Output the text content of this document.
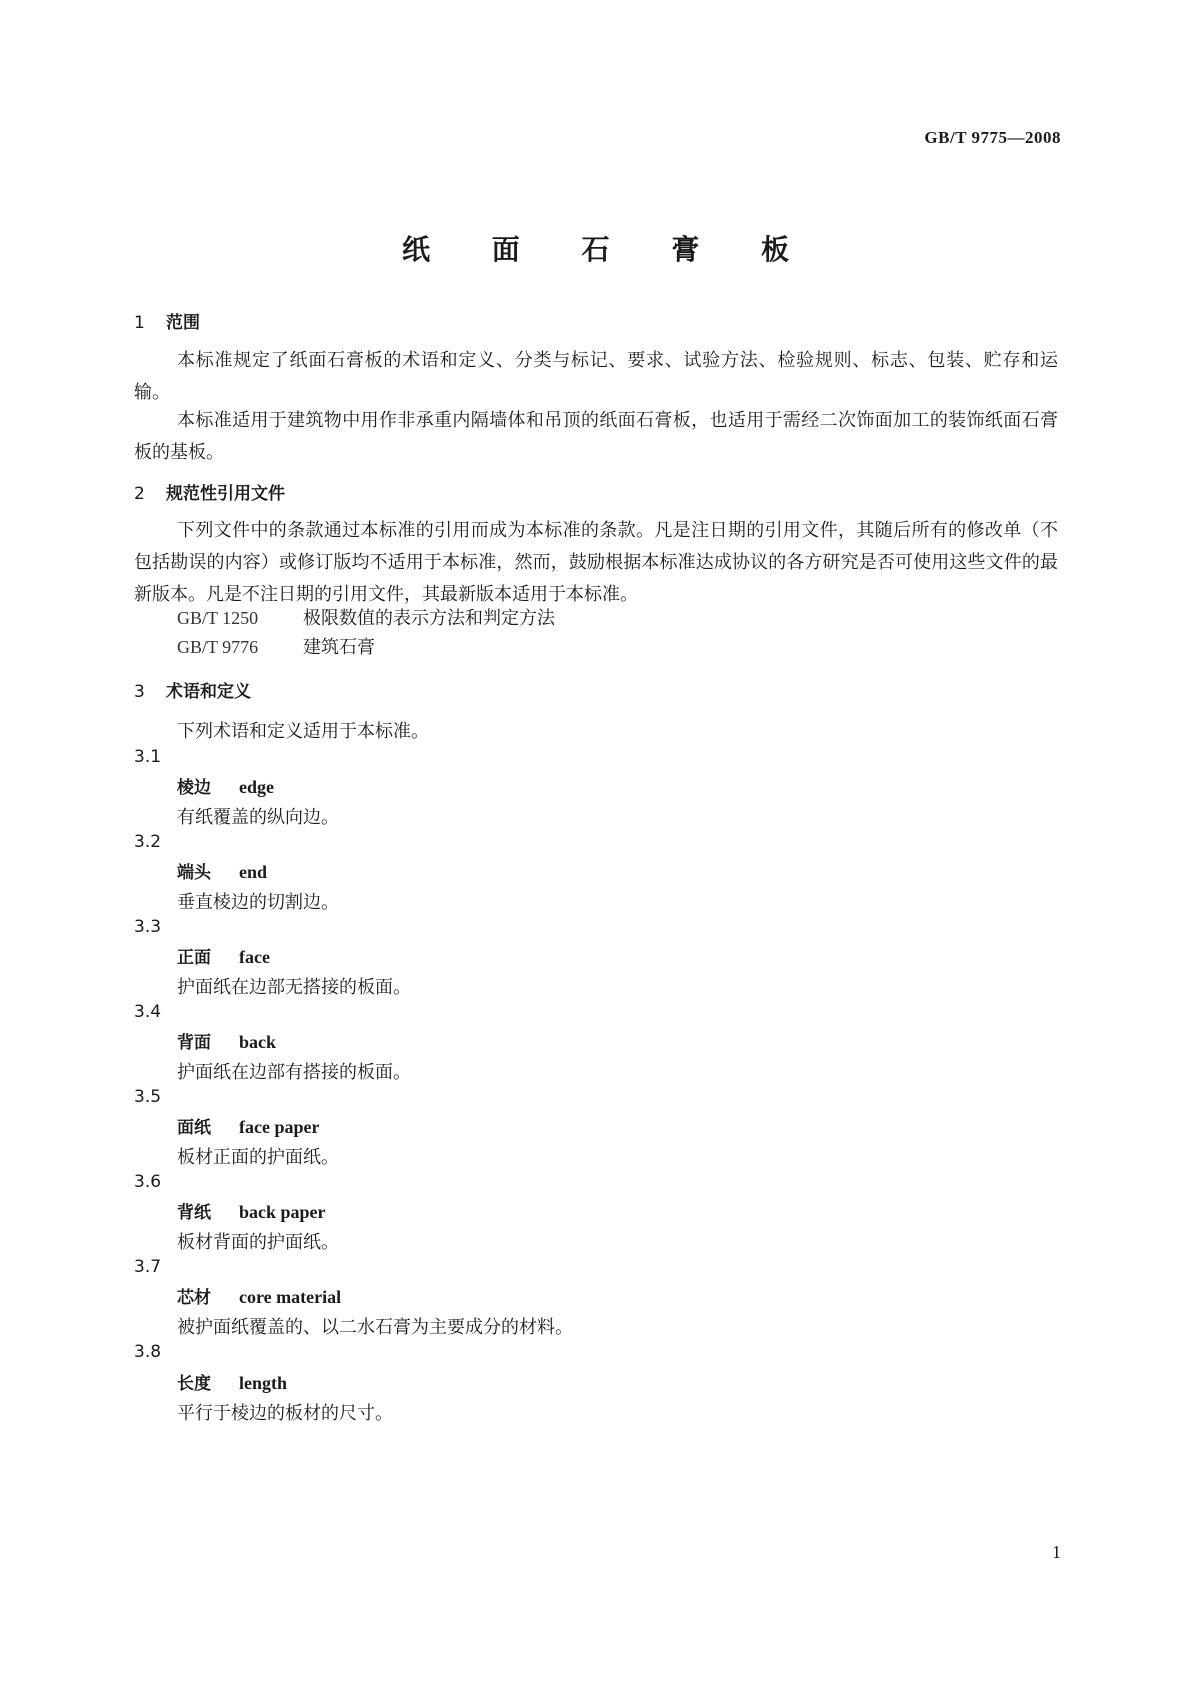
GB/T 9775—2008
纸 面 石 膏 板
1 范围

本标准规定了纸面石膏板的术语和定义、分类与标记、要求、试验方法、检验规则、标志、包装、贮存和运输。

本标准适用于建筑物中用作非承重内隔墙体和吊顶的纸面石膏板，也适用于需经二次饰面加工的装饰纸面石膏板的基板。

2 规范性引用文件

下列文件中的条款通过本标准的引用而成为本标准的条款。凡是注日期的引用文件，其随后所有的修改单（不包括勘误的内容）或修订版均不适用于本标准，然而，鼓励根据本标准达成协议的各方研究是否可使用这些文件的最新版本。凡是不注日期的引用文件，其最新版本适用于本标准。

GB/T 1250 极限数值的表示方法和判定方法
GB/T 9776 建筑石膏
3 术语和定义
下列术语和定义适用于本标准。
3.1
棱边 edge
有纸覆盖的纵向边。
3.2
端头 end
垂直棱边的切割边。
3.3
正面 face
护面纸在边部无搭接的板面。
3.4
背面 back
护面纸在边部有搭接的板面。
3.5
面纸 face paper
板材正面的护面纸。
3.6
背纸 back paper
板材背面的护面纸。
3.7
芯材 core material
被护面纸覆盖的、以二水石膏为主要成分的材料。
3.8
长度 length
平行于棱边的板材的尺寸。
1
